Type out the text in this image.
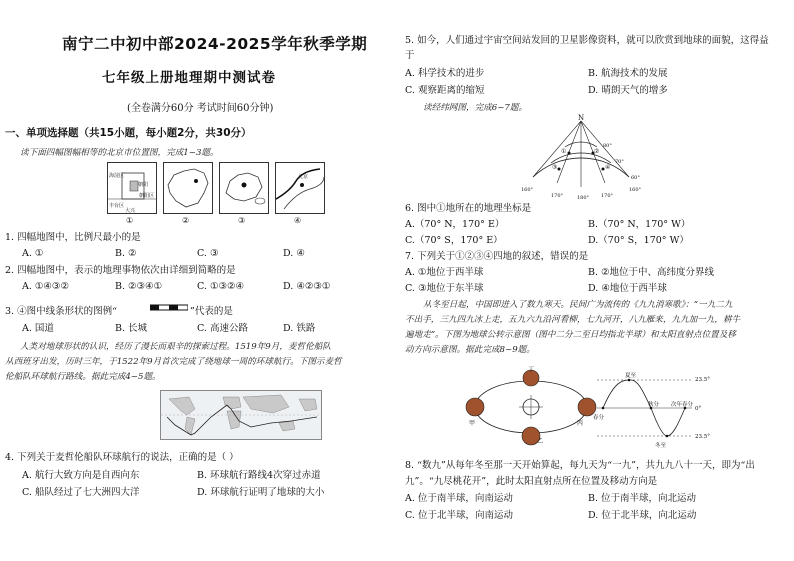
南宁二中初中部2024-2025学年秋季学期
七年级上册地理期中测试卷
(全卷满分60分 考试时间60分钟)
一、单项选择题（共15小题，每小题2分，共30分）
读下面四幅图幅相等的北京市位置图，完成1~3题。
海淀区
朝阳
丰台区
大兴
朝阳区
北京
①	②	③	④
1. 四幅地图中，比例尺最小的是
A. ①	B. ②	C. ③	D. ④
2. 四幅地图中，表示的地理事物依次由详细到简略的是
A. ①④③②	B. ②③④①	C. ①③②④	D. ④②③①
3. ④图中线条形状的图例“	”代表的是
A. 国道	B. 长城	C. 高速公路	D. 铁路
人类对地球形状的认识，经历了漫长而艰辛的探索过程。1519年9月，麦哲伦船队
从西班牙出发，历时三年，于1522年9月首次完成了绕地球一周的环球航行。下图示麦哲
伦船队环球航行路线。据此完成4~5题。
4. 下列关于麦哲伦船队环球航行的说法，正确的是（ ）
A. 航行大致方向是自西向东	B. 环球航行路线4次穿过赤道
C. 船队经过了七大洲四大洋	D. 环球航行证明了地球的大小
5. 如今，人们通过宇宙空间站发回的卫星影像资料，就可以欣赏到地球的面貌，这得益
于
A. 科学技术的进步	B. 航海技术的发展
C. 观察距离的缩短	D. 晴朗天气的增多
读经纬网图，完成6~7题。
N
160°
170°	180° 170°
160°
80°
70°
60°
①	②
③	④
6. 图中①地所在的地理坐标是
A.（70° N，170° E）	B.（70° N，170° W）
C.（70° S，170° E）	D.（70° S，170° W）
7. 下列关于①②③④四地的叙述，错误的是
A. ①地位于西半球	B. ②地位于中、高纬度分界线
C. ③地位于东半球	D. ④地位于西半球
从冬至日起，中国即进入了数九寒天。民间广为流传的《九九消寒歌》：“一九二九
不出手，三九四九冰上走，五九六九沿河看柳，七九河开，八九雁来，九九加一九，耕牛
遍地走”。下图为地球公转示意图（图中二分二至日均指北半球）和太阳直射点位置及移
动方向示意图。据此完成8~9题。
丁
甲	丙
乙
夏至
秋分
春分
次年春分
冬至
23.5°
0°
23.5°
8. “数九”从每年冬至那一天开始算起，每九天为“一九”，共九九八十一天，即为“出
九”。“九尽桃花开”，此时太阳直射点所在位置及移动方向是
A. 位于南半球，向南运动	B. 位于南半球，向北运动
C. 位于北半球，向南运动	D. 位于北半球，向北运动
